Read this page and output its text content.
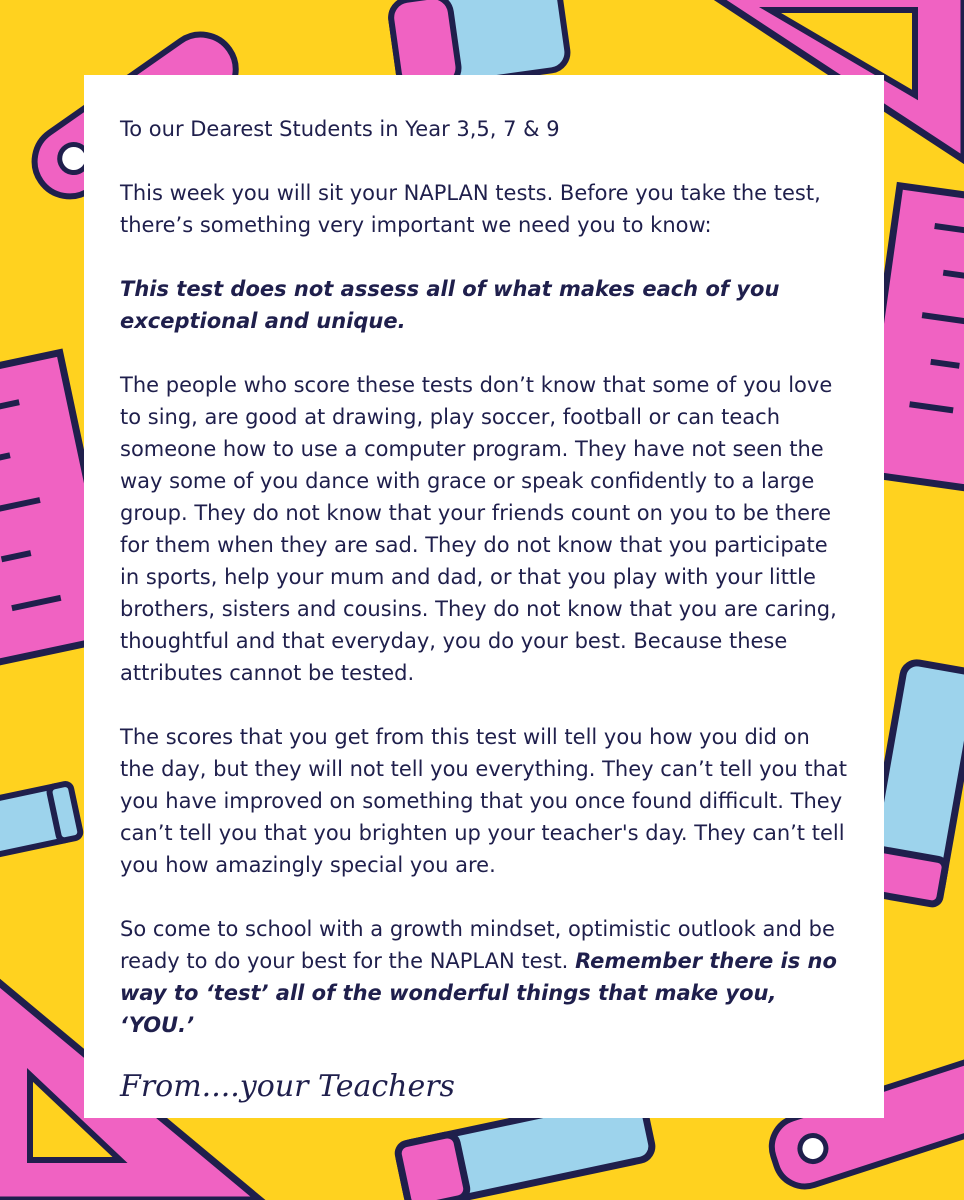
To our Dearest Students in Year 3,5, 7 & 9

This week you will sit your NAPLAN tests. Before you take the test, there’s something very important we need you to know:

This test does not assess all of what makes each of you exceptional and unique.

The people who score these tests don’t know that some of you love to sing, are good at drawing, play soccer, football or can teach someone how to use a computer program. They have not seen the way some of you dance with grace or speak confidently to a large group. They do not know that your friends count on you to be there for them when they are sad. They do not know that you participate in sports, help your mum and dad, or that you play with your little brothers, sisters and cousins. They do not know that you are caring, thoughtful and that everyday, you do your best. Because these attributes cannot be tested.

The scores that you get from this test will tell you how you did on the day, but they will not tell you everything. They can’t tell you that you have improved on something that you once found difficult. They can’t tell you that you brighten up your teacher's day. They can’t tell you how amazingly special you are.

So come to school with a growth mindset, optimistic outlook and be ready to do your best for the NAPLAN test. Remember there is no way to ‘test’ all of the wonderful things that make you, ‘YOU.’

From....your Teachers
